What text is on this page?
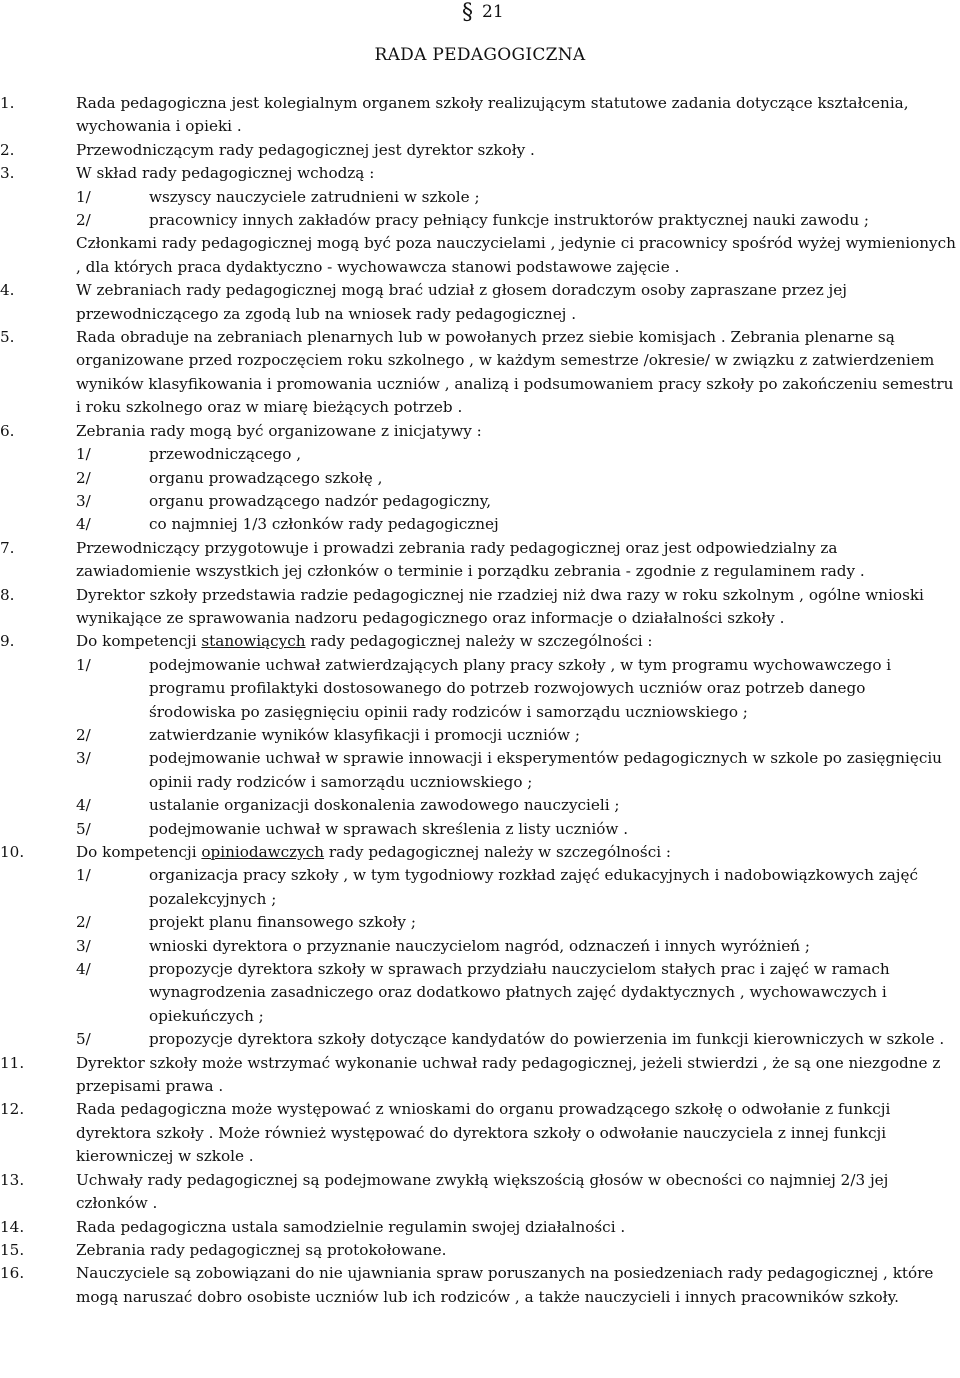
§ 21
RADA PEDAGOGICZNA
1.	Rada pedagogiczna jest kolegialnym organem szkoły realizującym statutowe zadania dotyczące kształcenia, wychowania i opieki .
2.	Przewodniczącym rady pedagogicznej jest dyrektor szkoły .
3.	W skład rady pedagogicznej wchodzą :
1/	wszyscy nauczyciele zatrudnieni w szkole ;
2/	pracownicy innych zakładów pracy pełniący funkcje instruktorów praktycznej nauki zawodu ;
Członkami rady pedagogicznej mogą być poza nauczycielami , jedynie ci pracownicy spośród wyżej wymienionych , dla których praca dydaktyczno - wychowawcza stanowi podstawowe zajęcie .
4.	W zebraniach rady pedagogicznej mogą brać udział z głosem doradczym osoby zapraszane przez jej przewodniczącego za zgodą lub na wniosek rady pedagogicznej .
5.	Rada obraduje na zebraniach plenarnych lub w powołanych przez siebie komisjach . Zebrania plenarne są organizowane przed rozpoczęciem roku szkolnego , w każdym semestrze /okresie/ w związku z zatwierdzeniem wyników klasyfikowania i promowania uczniów , analizą i podsumowaniem pracy szkoły po zakończeniu semestru i roku szkolnego oraz w miarę bieżących potrzeb .
6.	Zebrania rady mogą być organizowane z inicjatywy :
1/	przewodniczącego ,
2/	organu prowadzącego szkołę ,
3/	organu prowadzącego nadzór pedagogiczny,
4/	co najmniej 1/3 członków rady pedagogicznej
7.	Przewodniczący przygotowuje i prowadzi zebrania rady pedagogicznej oraz jest odpowiedzialny za zawiadomienie wszystkich jej członków o terminie i porządku zebrania - zgodnie z regulaminem rady .
8.	Dyrektor szkoły przedstawia radzie pedagogicznej nie rzadziej niż dwa razy w roku szkolnym , ogólne wnioski wynikające ze sprawowania nadzoru pedagogicznego oraz informacje o działalności szkoły .
9.	Do kompetencji stanowiących rady pedagogicznej należy w szczególności :
1/	podejmowanie uchwał zatwierdzających plany pracy szkoły , w tym programu wychowawczego i programu profilaktyki dostosowanego do potrzeb rozwojowych uczniów oraz potrzeb danego środowiska po zasięgnięciu opinii rady rodziców i samorządu uczniowskiego ;
2/	zatwierdzanie wyników klasyfikacji i promocji uczniów ;
3/	podejmowanie uchwał w sprawie innowacji i eksperymentów pedagogicznych w szkole po zasięgnięciu opinii rady rodziców i samorządu uczniowskiego ;
4/	ustalanie organizacji doskonalenia zawodowego nauczycieli ;
5/	podejmowanie uchwał w sprawach skreślenia z listy uczniów .
10.	Do kompetencji opiniodawczych rady pedagogicznej należy w szczególności :
1/	organizacja pracy szkoły , w tym tygodniowy rozkład zajęć edukacyjnych i nadobowiązkowych zajęć pozalekcyjnych ;
2/	projekt planu finansowego szkoły ;
3/	wnioski dyrektora o przyznanie nauczycielom nagród, odznaczeń i innych wyróżnień ;
4/	propozycje dyrektora szkoły w sprawach przydziału nauczycielom stałych prac i zajęć w ramach wynagrodzenia zasadniczego oraz dodatkowo płatnych zajęć dydaktycznych , wychowawczych i opiekuńczych ;
5/	propozycje dyrektora szkoły dotyczące kandydatów do powierzenia im funkcji kierowniczych w szkole .
11.	Dyrektor szkoły może wstrzymać wykonanie uchwał rady pedagogicznej, jeżeli stwierdzi , że są one niezgodne z przepisami prawa .
12.	Rada pedagogiczna może występować z wnioskami do organu prowadzącego szkołę o odwołanie z funkcji dyrektora szkoły . Może również występować do dyrektora szkoły o odwołanie nauczyciela z innej funkcji kierowniczej w szkole .
13.	Uchwały rady pedagogicznej są podejmowane zwykłą większością głosów w obecności co najmniej 2/3 jej członków .
14.	Rada pedagogiczna ustala samodzielnie regulamin swojej działalności .
15.	Zebrania rady pedagogicznej są protokołowane.
16.	Nauczyciele są zobowiązani do nie ujawniania spraw poruszanych na posiedzeniach rady pedagogicznej , które mogą naruszać dobro osobiste uczniów lub ich rodziców , a także nauczycieli i innych pracowników szkoły.
